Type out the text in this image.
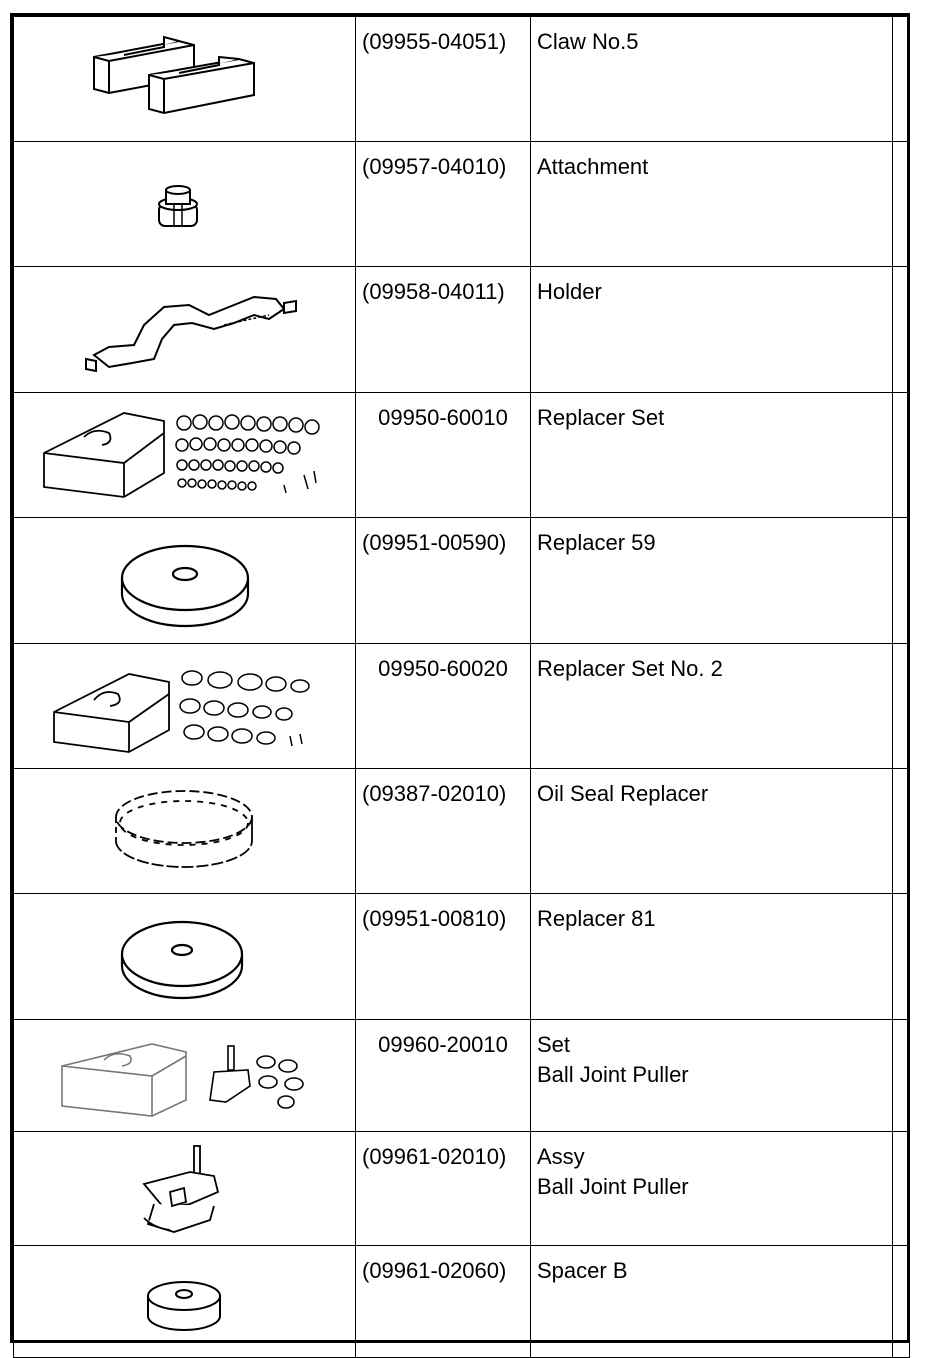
	(09955-04051)	Claw No.5	

	(09957-04010)	Attachment	

	(09958-04011)	Holder	

	09950-60010	Replacer Set	

	(09951-00590)	Replacer 59	

	09950-60020	Replacer Set No. 2	

	(09387-02010)	Oil Seal Replacer	

	(09951-00810)	Replacer 81	

	09960-20010	Set
Ball Joint Puller	

	(09961-02010)	Assy
Ball Joint Puller	

	(09961-02060)	Spacer B	
